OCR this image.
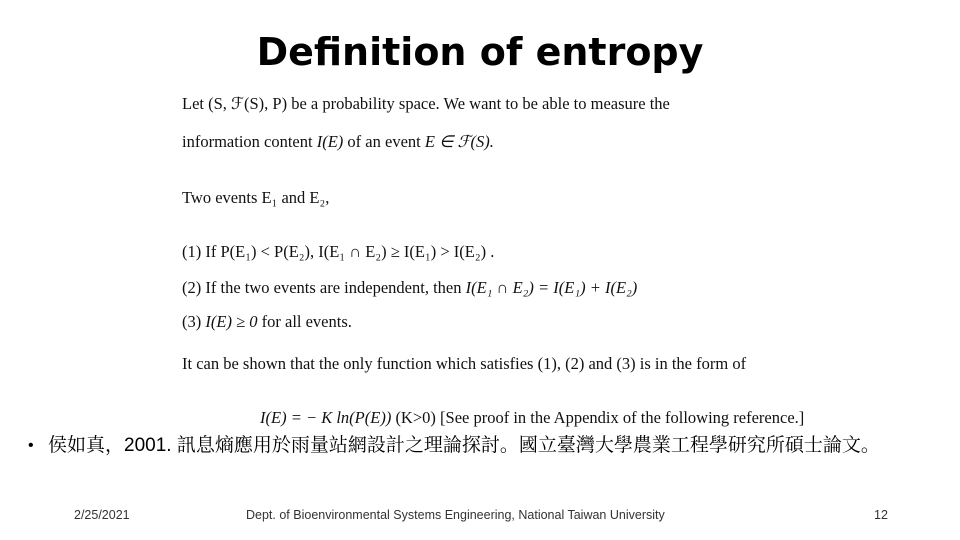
Definition of entropy
Let (S, ℱ(S), P) be a probability space. We want to be able to measure the
information content I(E) of an event E ∈ ℱ(S).
Two events E₁ and E₂,
(1) If P(E₁) < P(E₂), I(E₁ ∩ E₂) ≥ I(E₁) > I(E₂) .
(2) If the two events are independent, then I(E₁ ∩ E₂) = I(E₁) + I(E₂)
(3) I(E) ≥ 0 for all events.
It can be shown that the only function which satisfies (1), (2) and (3) is in the form of
I(E) = − K ln(P(E)) (K>0) [See proof in the Appendix of the following reference.]
• 侯如真，2001. 訊息熵應用於雨量站網設計之理論探討。國立臺灣大學農業工程學研究所碩士論文。
2/25/2021	Dept. of Bioenvironmental Systems Engineering, National Taiwan University	12
